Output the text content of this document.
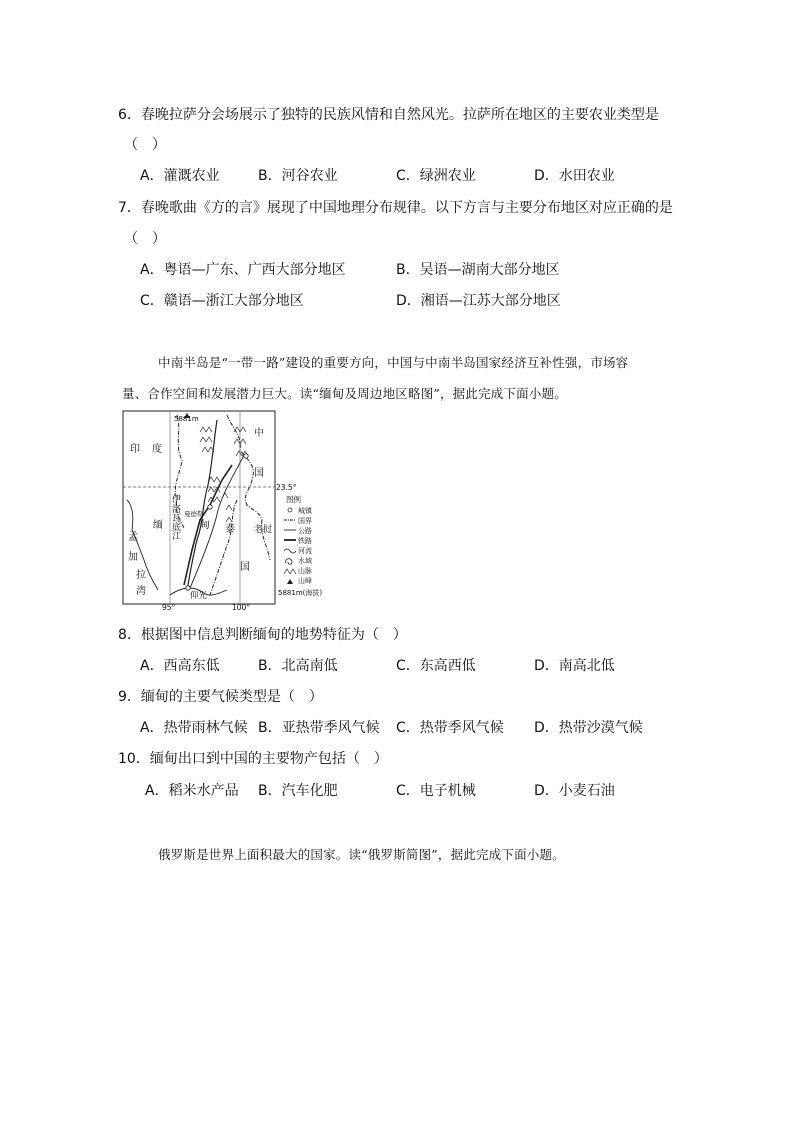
6．春晚拉萨分会场展示了独特的民族风情和自然风光。拉萨所在地区的主要农业类型是
（　）
A．灌溉农业	B．河谷农业	C．绿洲农业	D．水田农业
7．春晚歌曲《方的言》展现了中国地理分布规律。以下方言与主要分布地区对应正确的是
（　）
A．粤语—广东、广西大部分地区	B．吴语—湖南大部分地区
C．赣语—浙江大部分地区	D．湘语—江苏大部分地区
中南半岛是“一带一路”建设的重要方向，中国与中南半岛国家经济互补性强，市场容
量、合作空间和发展潜力巨大。读“缅甸及周边地区略图”，据此完成下面小题。
5881m
印 度
中
国
孟
加
拉
湾
缅	甸
伊
洛
瓦
底
江
曼德勒
泰
国
老挝
仰光
23.5°
95°	100°
图例
城镇
国界
公路
铁路
河流
水域
山脉
山峰
5881m(海拔)
8．根据图中信息判断缅甸的地势特征为（　）
A．西高东低	B．北高南低	C．东高西低	D．南高北低
9．缅甸的主要气候类型是（　）
A．热带雨林气候 B．亚热带季风气候 C．热带季风气候 D．热带沙漠气候
10．缅甸出口到中国的主要物产包括（　）
A．稻米水产品 B．汽车化肥	C．电子机械	D．小麦石油
俄罗斯是世界上面积最大的国家。读“俄罗斯简图”，据此完成下面小题。
